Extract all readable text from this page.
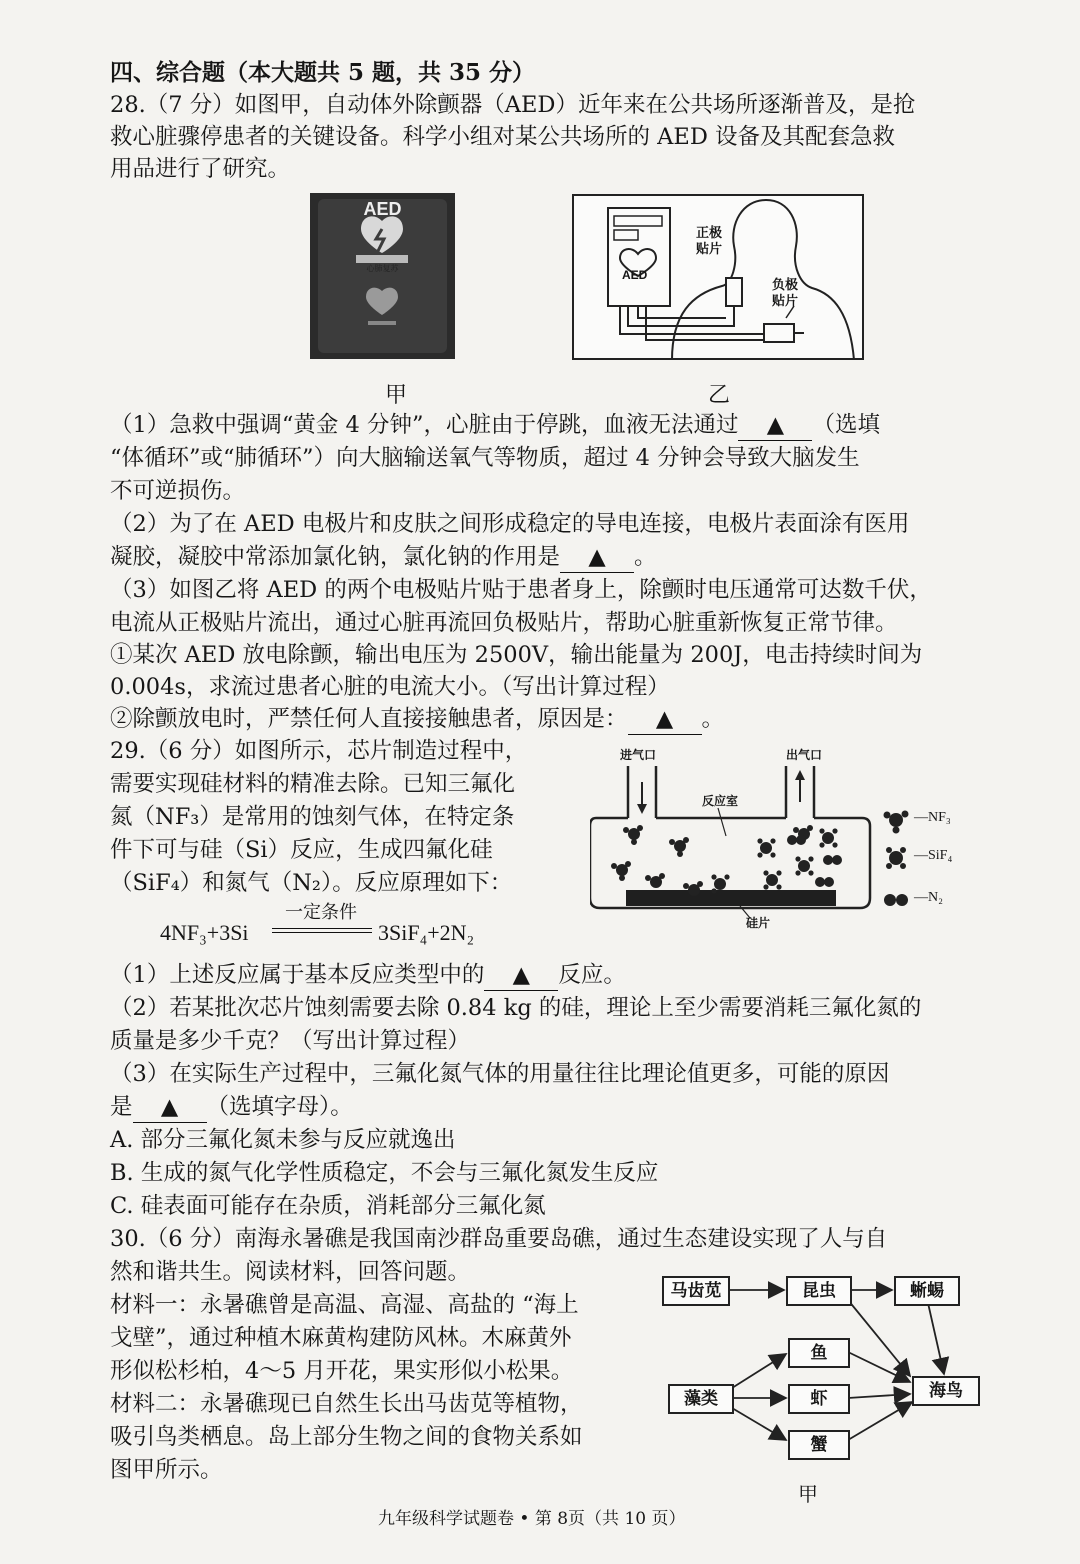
四、综合题（本大题共 5 题，共 35 分）
28.（7 分）如图甲，自动体外除颤器（AED）近年来在公共场所逐渐普及，是抢
救心脏骤停患者的关键设备。科学小组对某公共场所的 AED 设备及其配套急救
用品进行了研究。
AED
心肺复苏
甲
AED
正极贴片
负极贴片
乙
（1）急救中强调“黄金 4 分钟”，心脏由于停跳，血液无法通过 ▲ （选填
“体循环”或“肺循环”）向大脑输送氧气等物质，超过 4 分钟会导致大脑发生
不可逆损伤。
（2）为了在 AED 电极片和皮肤之间形成稳定的导电连接，电极片表面涂有医用
凝胶，凝胶中常添加氯化钠，氯化钠的作用是 ▲ 。
（3）如图乙将 AED 的两个电极贴片贴于患者身上，除颤时电压通常可达数千伏，
电流从正极贴片流出，通过心脏再流回负极贴片，帮助心脏重新恢复正常节律。
①某次 AED 放电除颤，输出电压为 2500V，输出能量为 200J，电击持续时间为
0.004s，求流过患者心脏的电流大小。（写出计算过程）
②除颤放电时，严禁任何人直接接触患者，原因是： ▲ 。
29.（6 分）如图所示，芯片制造过程中，
需要实现硅材料的精准去除。已知三氟化
氮（NF₃）是常用的蚀刻气体，在特定条
件下可与硅（Si）反应，生成四氟化硅
（SiF₄）和氮气（N₂）。反应原理如下：
4NF₃+3Si
一定条件
3SiF₄+2N₂
进气口	出气口
反应室
硅片
—NF₃
—SiF₄
—N₂
（1）上述反应属于基本反应类型中的 ▲ 反应。
（2）若某批次芯片蚀刻需要去除 0.84 kg 的硅，理论上至少需要消耗三氟化氮的
质量是多少千克？（写出计算过程）
（3）在实际生产过程中，三氟化氮气体的用量往往比理论值更多，可能的原因
是 ▲ （选填字母）。
A. 部分三氟化氮未参与反应就逸出
B. 生成的氮气化学性质稳定，不会与三氟化氮发生反应
C. 硅表面可能存在杂质，消耗部分三氟化氮
30.（6 分）南海永暑礁是我国南沙群岛重要岛礁，通过生态建设实现了人与自
然和谐共生。阅读材料，回答问题。
材料一：永暑礁曾是高温、高湿、高盐的 “海上
戈壁”，通过种植木麻黄构建防风林。木麻黄外
形似松杉柏，4～5 月开花，果实形似小松果。
材料二：永暑礁现已自然生长出马齿苋等植物，
吸引鸟类栖息。岛上部分生物之间的食物关系如
图甲所示。
马齿苋	昆虫	蜥蜴
鱼
藻类	虾	海鸟
蟹
甲
九年级科学试题卷 • 第 8页（共 10 页）
